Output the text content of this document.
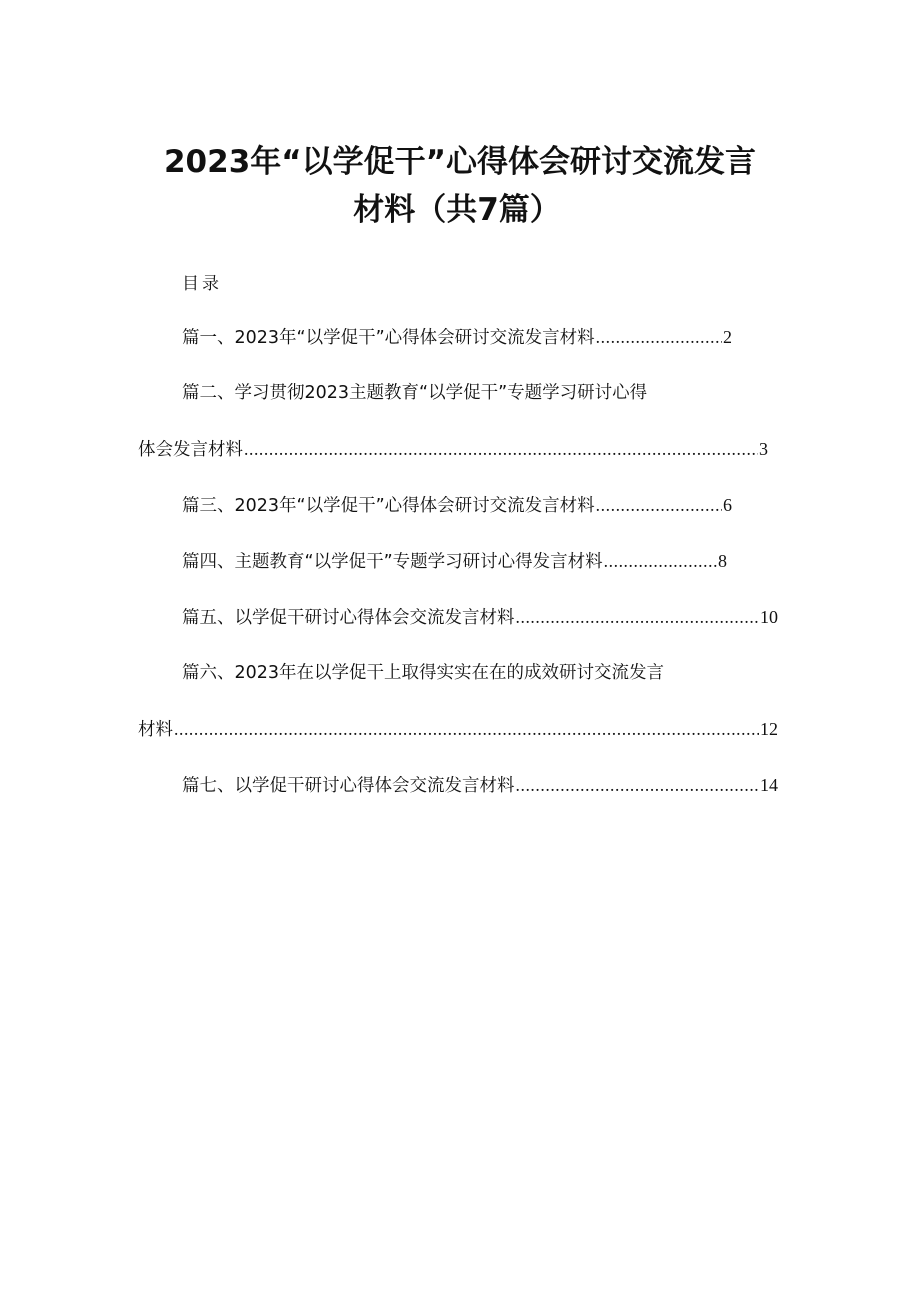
2023年“以学促干”心得体会研讨交流发言
材料（共7篇）
目录
篇一、2023年“以学促干”心得体会研讨交流发言材料 .....	2
篇二、学习贯彻2023主题教育“以学促干”专题学习研讨心得
体会发言材料 .....	3
篇三、2023年“以学促干”心得体会研讨交流发言材料 .....	6
篇四、主题教育“以学促干”专题学习研讨心得发言材料 .....	8
篇五、以学促干研讨心得体会交流发言材料 .....	10
篇六、2023年在以学促干上取得实实在在的成效研讨交流发言
材料 .....	12
篇七、以学促干研讨心得体会交流发言材料 .....	14
